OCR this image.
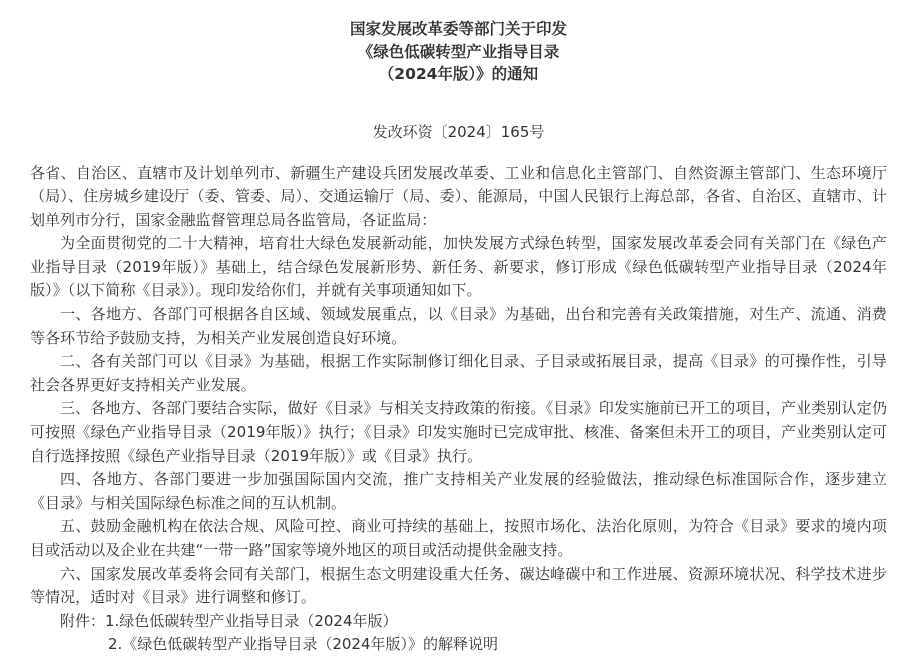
国家发展改革委等部门关于印发
《绿色低碳转型产业指导目录
（2024年版）》的通知
发改环资〔2024〕165号

各省、自治区、直辖市及计划单列市、新疆生产建设兵团发展改革委、工业和信息化主管部门、自然资源主管部门、生态环境厅（局）、住房城乡建设厅（委、管委、局）、交通运输厅（局、委）、能源局，中国人民银行上海总部，各省、自治区、直辖市、计划单列市分行，国家金融监督管理总局各监管局，各证监局：

为全面贯彻党的二十大精神，培育壮大绿色发展新动能，加快发展方式绿色转型，国家发展改革委会同有关部门在《绿色产业指导目录（2019年版）》基础上，结合绿色发展新形势、新任务、新要求，修订形成《绿色低碳转型产业指导目录（2024年版）》（以下简称《目录》）。现印发给你们，并就有关事项通知如下。

一、各地方、各部门可根据各自区域、领域发展重点，以《目录》为基础，出台和完善有关政策措施，对生产、流通、消费等各环节给予鼓励支持，为相关产业发展创造良好环境。

二、各有关部门可以《目录》为基础，根据工作实际制修订细化目录、子目录或拓展目录，提高《目录》的可操作性，引导社会各界更好支持相关产业发展。

三、各地方、各部门要结合实际，做好《目录》与相关支持政策的衔接。《目录》印发实施前已开工的项目，产业类别认定仍可按照《绿色产业指导目录（2019年版）》执行；《目录》印发实施时已完成审批、核准、备案但未开工的项目，产业类别认定可自行选择按照《绿色产业指导目录（2019年版）》或《目录》执行。

四、各地方、各部门要进一步加强国际国内交流，推广支持相关产业发展的经验做法，推动绿色标准国际合作，逐步建立《目录》与相关国际绿色标准之间的互认机制。

五、鼓励金融机构在依法合规、风险可控、商业可持续的基础上，按照市场化、法治化原则，为符合《目录》要求的境内项目或活动以及企业在共建“一带一路”国家等境外地区的项目或活动提供金融支持。

六、国家发展改革委将会同有关部门，根据生态文明建设重大任务、碳达峰碳中和工作进展、资源环境状况、科学技术进步等情况，适时对《目录》进行调整和修订。

附件：1.绿色低碳转型产业指导目录（2024年版）

2.《绿色低碳转型产业指导目录（2024年版）》的解释说明
